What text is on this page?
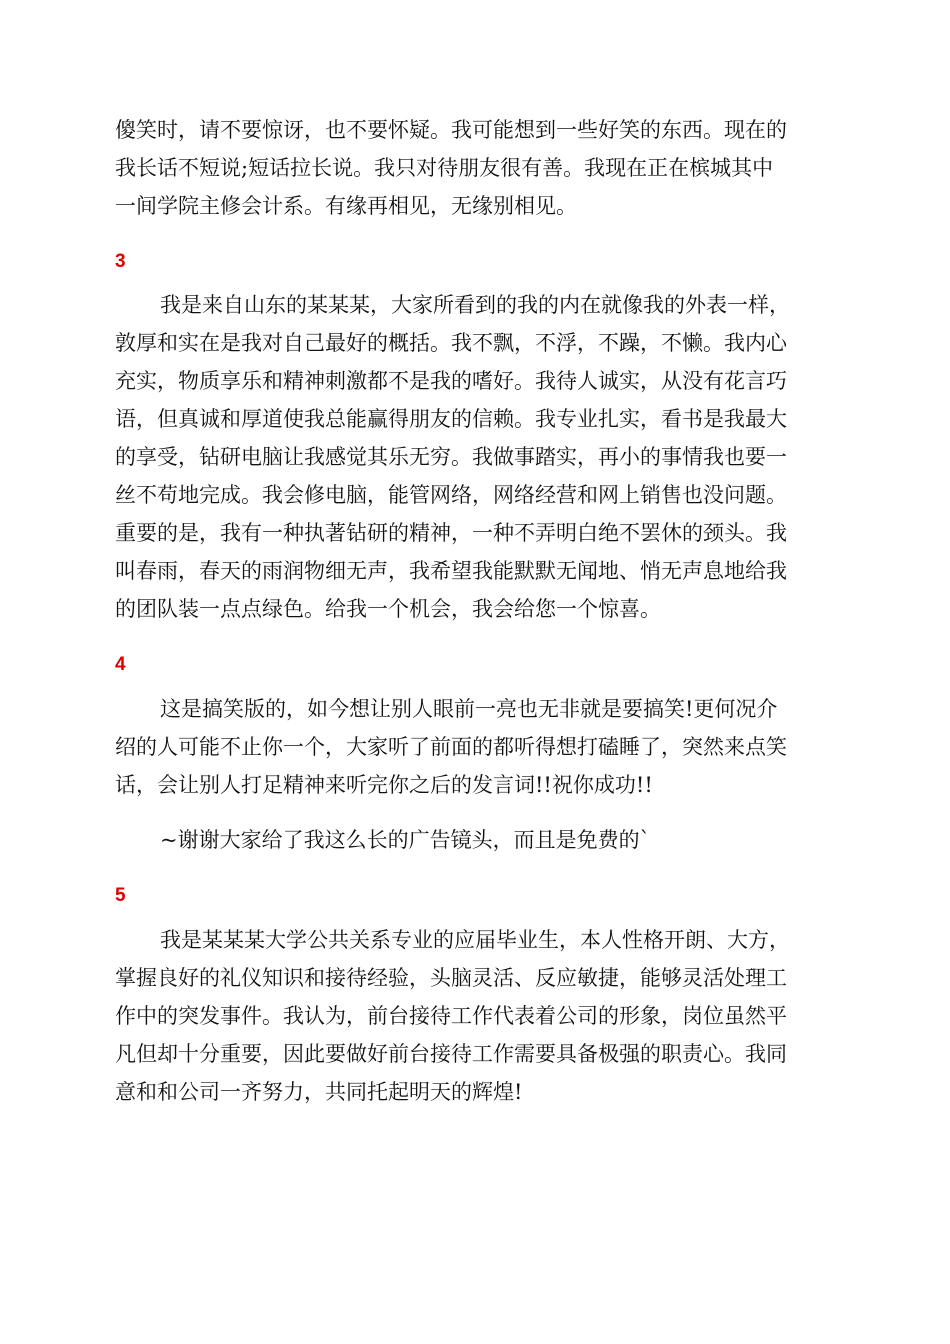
傻笑时，请不要惊讶，也不要怀疑。我可能想到一些好笑的东西。现在的
我长话不短说;短话拉长说。我只对待朋友很有善。我现在正在槟城其中
一间学院主修会计系。有缘再相见，无缘别相见。
3
我是来自山东的某某某，大家所看到的我的内在就像我的外表一样，
敦厚和实在是我对自己最好的概括。我不飘，不浮，不躁，不懒。我内心
充实，物质享乐和精神刺激都不是我的嗜好。我待人诚实，从没有花言巧
语，但真诚和厚道使我总能赢得朋友的信赖。我专业扎实，看书是我最大
的享受，钻研电脑让我感觉其乐无穷。我做事踏实，再小的事情我也要一
丝不苟地完成。我会修电脑，能管网络，网络经营和网上销售也没问题。
重要的是，我有一种执著钻研的精神，一种不弄明白绝不罢休的颈头。我
叫春雨，春天的雨润物细无声，我希望我能默默无闻地、悄无声息地给我
的团队装一点点绿色。给我一个机会，我会给您一个惊喜。
4
这是搞笑版的，如今想让别人眼前一亮也无非就是要搞笑!更何况介
绍的人可能不止你一个，大家听了前面的都听得想打磕睡了，突然来点笑
话，会让别人打足精神来听完你之后的发言词!!祝你成功!!
~谢谢大家给了我这么长的广告镜头，而且是免费的`
5
我是某某某大学公共关系专业的应届毕业生，本人性格开朗、大方，
掌握良好的礼仪知识和接待经验，头脑灵活、反应敏捷，能够灵活处理工
作中的突发事件。我认为，前台接待工作代表着公司的形象，岗位虽然平
凡但却十分重要，因此要做好前台接待工作需要具备极强的职责心。我同
意和和公司一齐努力，共同托起明天的辉煌!
